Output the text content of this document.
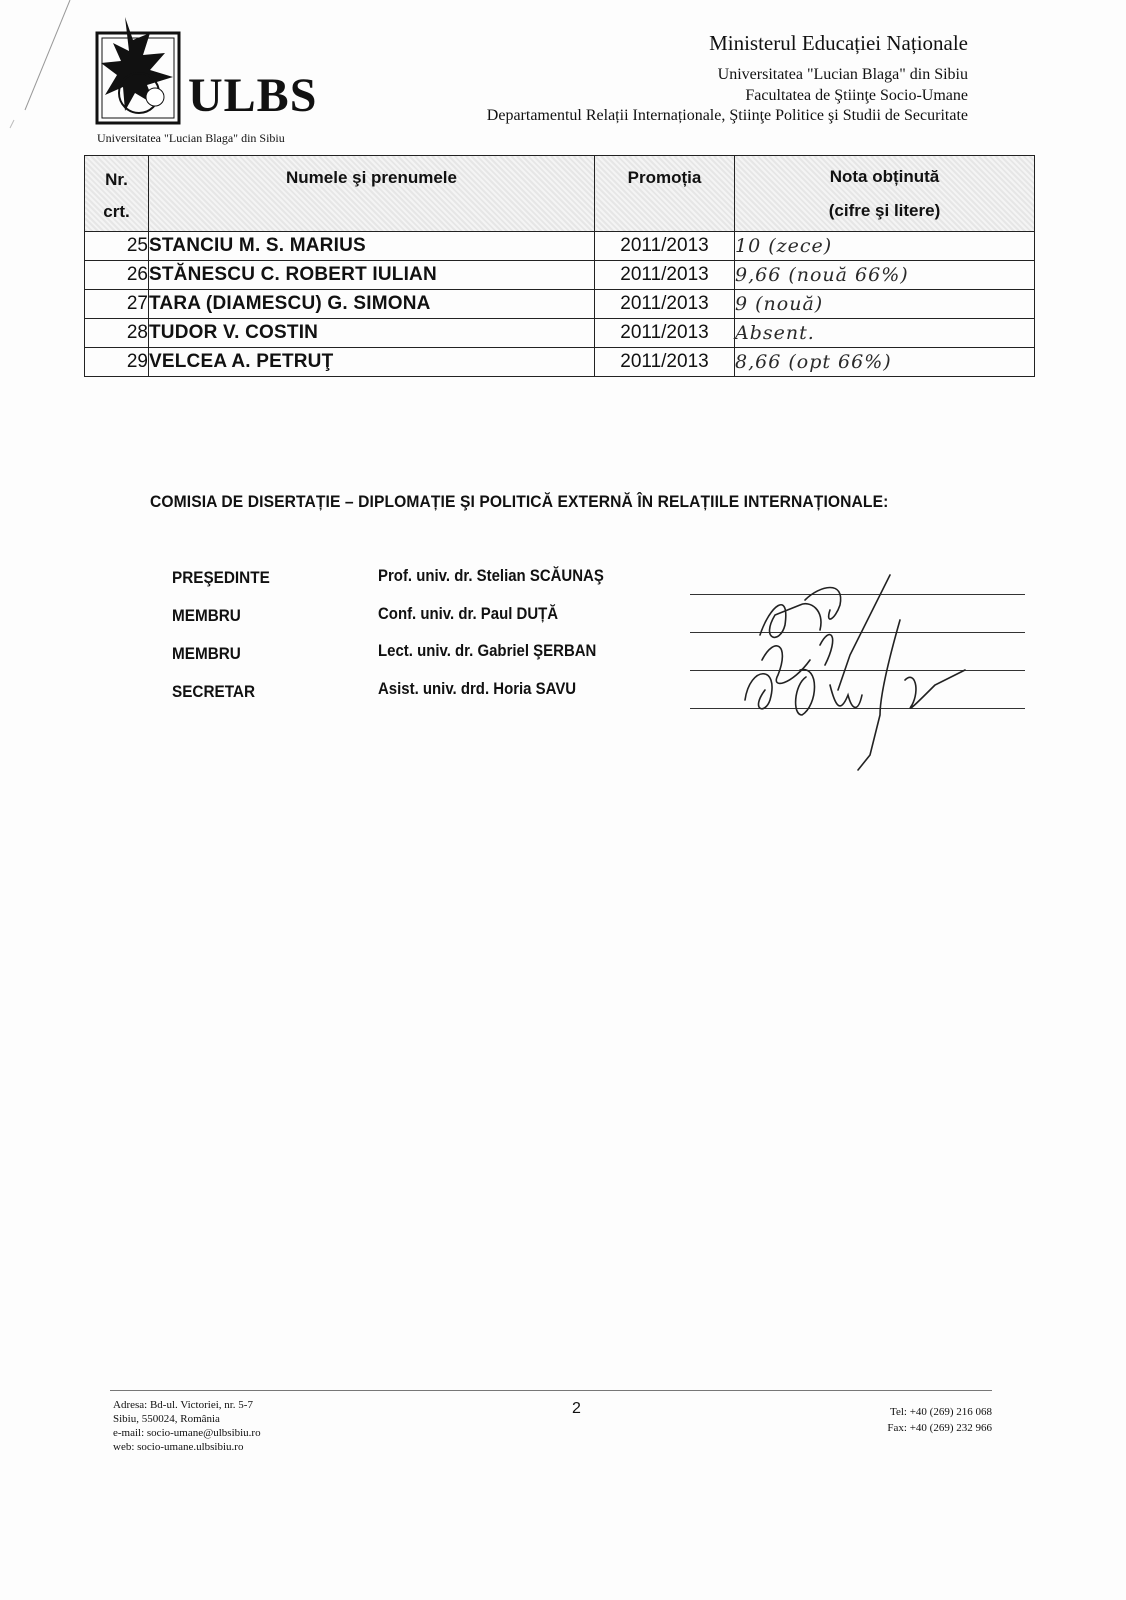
ULBS
Universitatea "Lucian Blaga" din Sibiu
Ministerul Educației Naționale
Universitatea "Lucian Blaga" din Sibiu
Facultatea de Ştiinţe Socio-Umane
Departamentul Relații Internaționale, Ştiinţe Politice şi Studii de Securitate
Nr.
crt.	Numele şi prenumele	Promoția	Nota obținută
(cifre şi litere)

25	STANCIU M. S. MARIUS	2011/2013	10 (zece)
26	STĂNESCU C. ROBERT IULIAN	2011/2013	9,66 (nouă 66%)
27	TARA (DIAMESCU) G. SIMONA	2011/2013	9 (nouă)
28	TUDOR V. COSTIN	2011/2013	Absent.
29	VELCEA A. PETRUŢ	2011/2013	8,66 (opt 66%)
COMISIA DE DISERTAȚIE – DIPLOMAȚIE ŞI POLITICĂ EXTERNĂ ÎN RELAȚIILE INTERNAȚIONALE:
PREŞEDINTE	Prof. univ. dr. Stelian SCĂUNAŞ
MEMBRU	Conf. univ. dr. Paul DUȚĂ
MEMBRU	Lect. univ. dr. Gabriel ŞERBAN
SECRETAR	Asist. univ. drd. Horia SAVU
Adresa: Bd-ul. Victoriei, nr. 5-7
Sibiu, 550024, România
e-mail: socio-umane@ulbsibiu.ro
web: socio-umane.ulbsibiu.ro
2	Tel: +40 (269) 216 068
Fax: +40 (269) 232 966
